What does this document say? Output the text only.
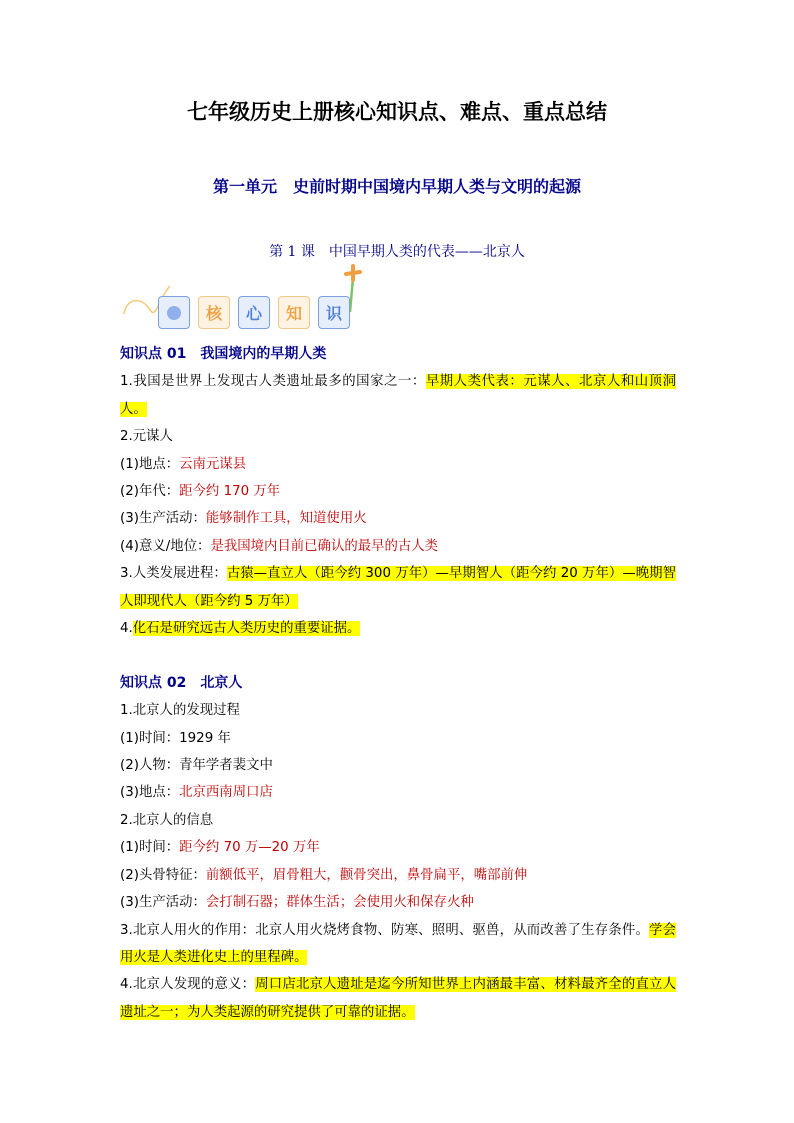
七年级历史上册核心知识点、难点、重点总结
第一单元　史前时期中国境内早期人类与文明的起源
第 1 课　中国早期人类的代表——北京人
核	心	知	识

知识点 01　我国境内的早期人类

1.我国是世界上发现古人类遗址最多的国家之一：早期人类代表：元谋人、北京人和山顶洞人。

2.元谋人

(1)地点：云南元谋县

(2)年代：距今约 170 万年

(3)生产活动：能够制作工具，知道使用火

(4)意义/地位：是我国境内目前已确认的最早的古人类

3.人类发展进程：古猿—直立人（距今约 300 万年）—早期智人（距今约 20 万年）—晚期智人即现代人（距今约 5 万年）

4.化石是研究远古人类历史的重要证据。

知识点 02　北京人

1.北京人的发现过程

(1)时间：1929 年

(2)人物：青年学者裴文中

(3)地点：北京西南周口店

2.北京人的信息

(1)时间：距今约 70 万—20 万年

(2)头骨特征：前额低平，眉骨粗大，颧骨突出，鼻骨扁平，嘴部前伸

(3)生产活动：会打制石器；群体生活；会使用火和保存火种

3.北京人用火的作用：北京人用火烧烤食物、防寒、照明、驱兽，从而改善了生存条件。学会用火是人类进化史上的里程碑。

4.北京人发现的意义：周口店北京人遗址是迄今所知世界上内涵最丰富、材料最齐全的直立人遗址之一；为人类起源的研究提供了可靠的证据。
